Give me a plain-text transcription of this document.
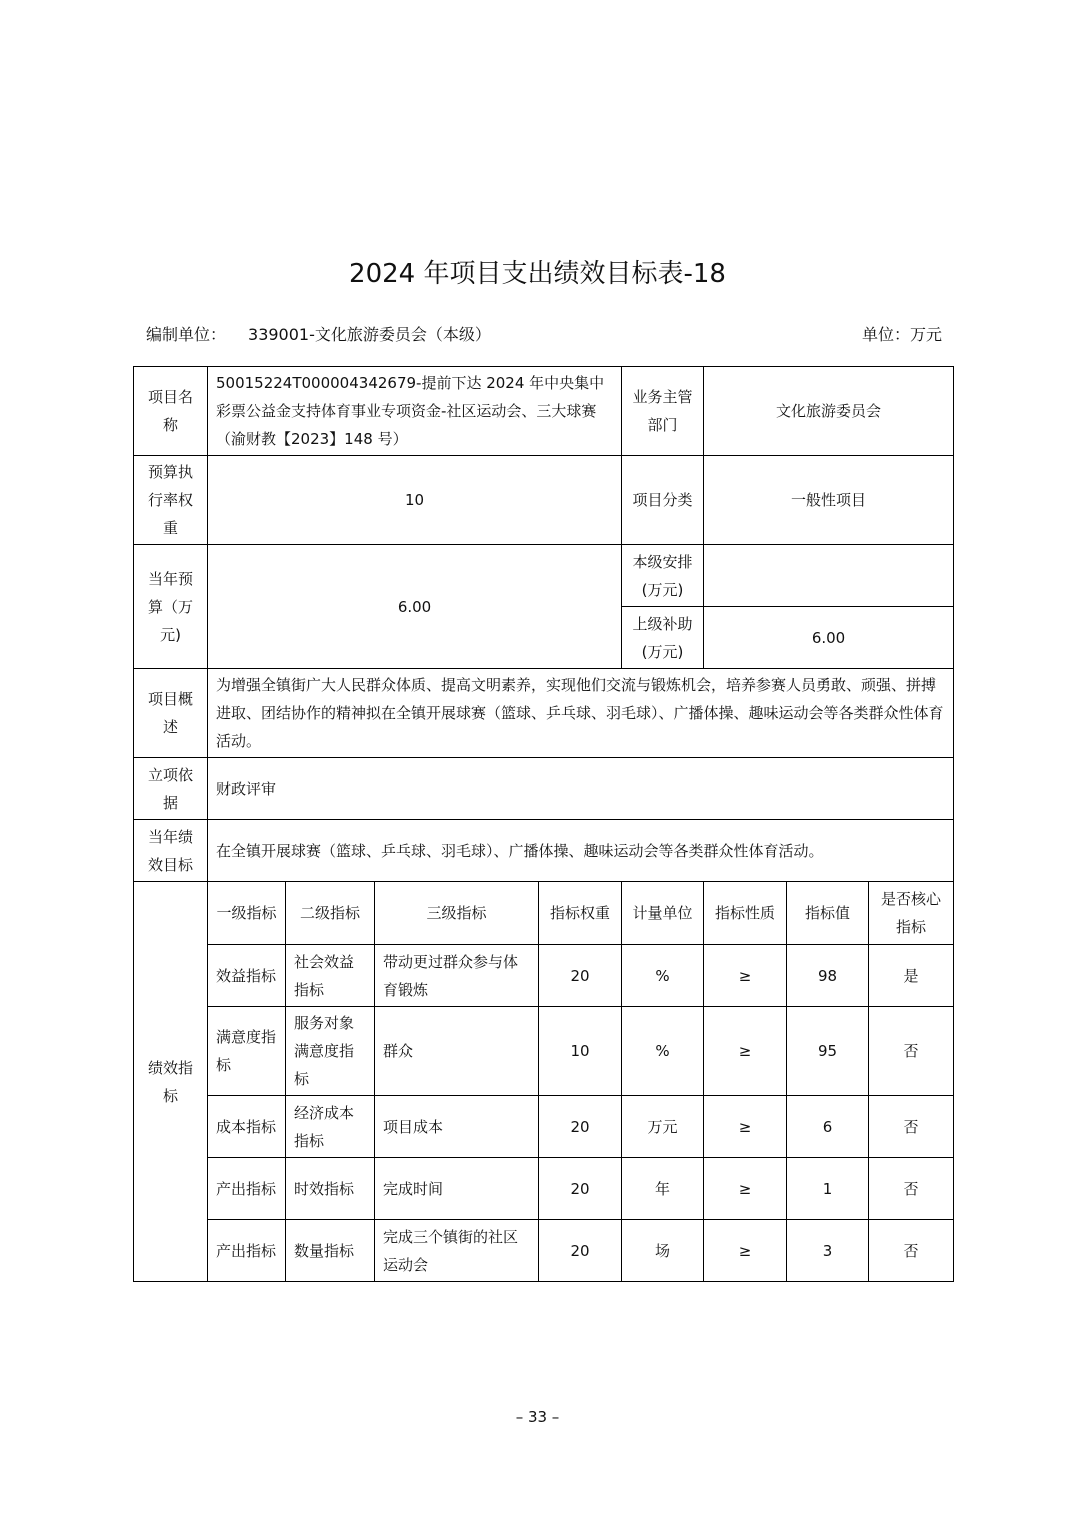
2024 年项目支出绩效目标表-18
编制单位： 339001-文化旅游委员会（本级）	单位：万元
项目名称	50015224T000004342679-提前下达 2024 年中央集中彩票公益金支持体育事业专项资金-社区运动会、三大球赛（渝财教【2023】148 号）				业务主管部门	文化旅游委员会		
预算执行率权重	10				项目分类	一般性项目		
当年预算（万元)	6.00				本级安排(万元)			
					上级补助(万元)	6.00		
项目概述	为增强全镇街广大人民群众体质、提高文明素养，实现他们交流与锻炼机会，培养参赛人员勇敢、顽强、拼搏进取、团结协作的精神拟在全镇开展球赛（篮球、乒乓球、羽毛球）、广播体操、趣味运动会等各类群众性体育活动。							
立项依据	财政评审							
当年绩效目标	在全镇开展球赛（篮球、乒乓球、羽毛球）、广播体操、趣味运动会等各类群众性体育活动。							
绩效指标	一级指标	二级指标	三级指标	指标权重	计量单位	指标性质	指标值	是否核心指标
	效益指标	社会效益指标	带动更过群众参与体育锻炼	20	%	≥	98	是
	满意度指标	服务对象满意度指标	群众	10	%	≥	95	否
	成本指标	经济成本指标	项目成本	20	万元	≥	6	否
	产出指标	时效指标	完成时间	20	年	≥	1	否
	产出指标	数量指标	完成三个镇街的社区运动会	20	场	≥	3	否
– 33 –
